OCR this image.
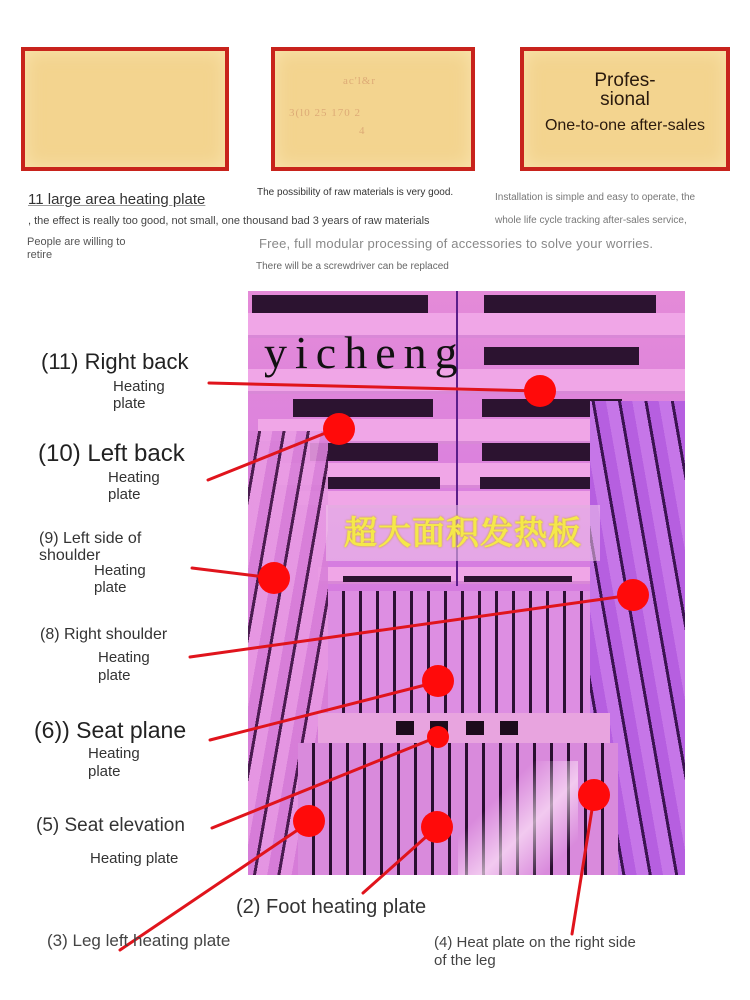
ac'l&r
3(l0 25 170 2
4
Profes-
sional
One-to-one after-sales
11 large area heating plate
, the effect is really too good, not small, one thousand bad 3 years of raw materials
People are willing to
retire
The possibility of raw materials is very good.
Free, full modular processing of accessories to solve your worries.
There will be a screwdriver can be replaced
Installation is simple and easy to operate, the
whole life cycle tracking after-sales service,
超大面积发热板
yicheng
(11) Right back
Heating
plate
(10) Left back
Heating
plate
(9) Left side of
shoulder
Heating
plate
(8) Right shoulder
Heating
plate
(6)) Seat plane
Heating
plate
(5) Seat elevation
Heating plate
(2) Foot heating plate
(3) Leg left heating plate	(4) Heat plate on the right side
of the leg
